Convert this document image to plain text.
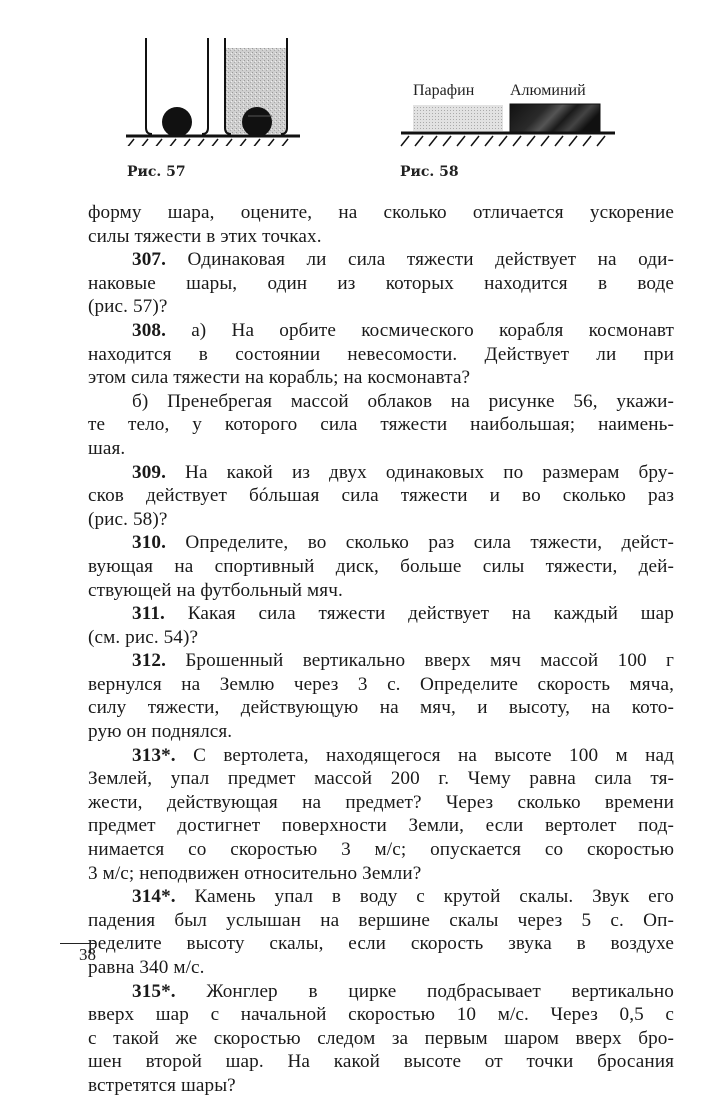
Рис. 57
Парафин Алюминий
Рис. 58
форму шара, оцените, на сколько отличается ускорение
силы тяжести в этих точках.
307. Одинаковая ли сила тяжести действует на оди-
наковые шары, один из которых находится в воде
(рис. 57)?
308. а) На орбите космического корабля космонавт
находится в состоянии невесомости. Действует ли при
этом сила тяжести на корабль; на космонавта?
б) Пренебрегая массой облаков на рисунке 56, укажи-
те тело, у которого сила тяжести наибольшая; наимень-
шая.
309. На какой из двух одинаковых по размерам бру-
сков действует бóльшая сила тяжести и во сколько раз
(рис. 58)?
310. Определите, во сколько раз сила тяжести, дейст-
вующая на спортивный диск, больше силы тяжести, дей-
ствующей на футбольный мяч.
311. Какая сила тяжести действует на каждый шар
(см. рис. 54)?
312. Брошенный вертикально вверх мяч массой 100 г
вернулся на Землю через 3 с. Определите скорость мяча,
силу тяжести, действующую на мяч, и высоту, на кото-
рую он поднялся.
313*. С вертолета, находящегося на высоте 100 м над
Землей, упал предмет массой 200 г. Чему равна сила тя-
жести, действующая на предмет? Через сколько времени
предмет достигнет поверхности Земли, если вертолет под-
нимается со скоростью 3 м/с; опускается со скоростью
3 м/с; неподвижен относительно Земли?
314*. Камень упал в воду с крутой скалы. Звук его
падения был услышан на вершине скалы через 5 с. Оп-
ределите высоту скалы, если скорость звука в воздухе
равна 340 м/с.
315*. Жонглер в цирке подбрасывает вертикально
вверх шар с начальной скоростью 10 м/с. Через 0,5 с
с такой же скоростью следом за первым шаром вверх бро-
шен второй шар. На какой высоте от точки бросания
встретятся шары?
38
